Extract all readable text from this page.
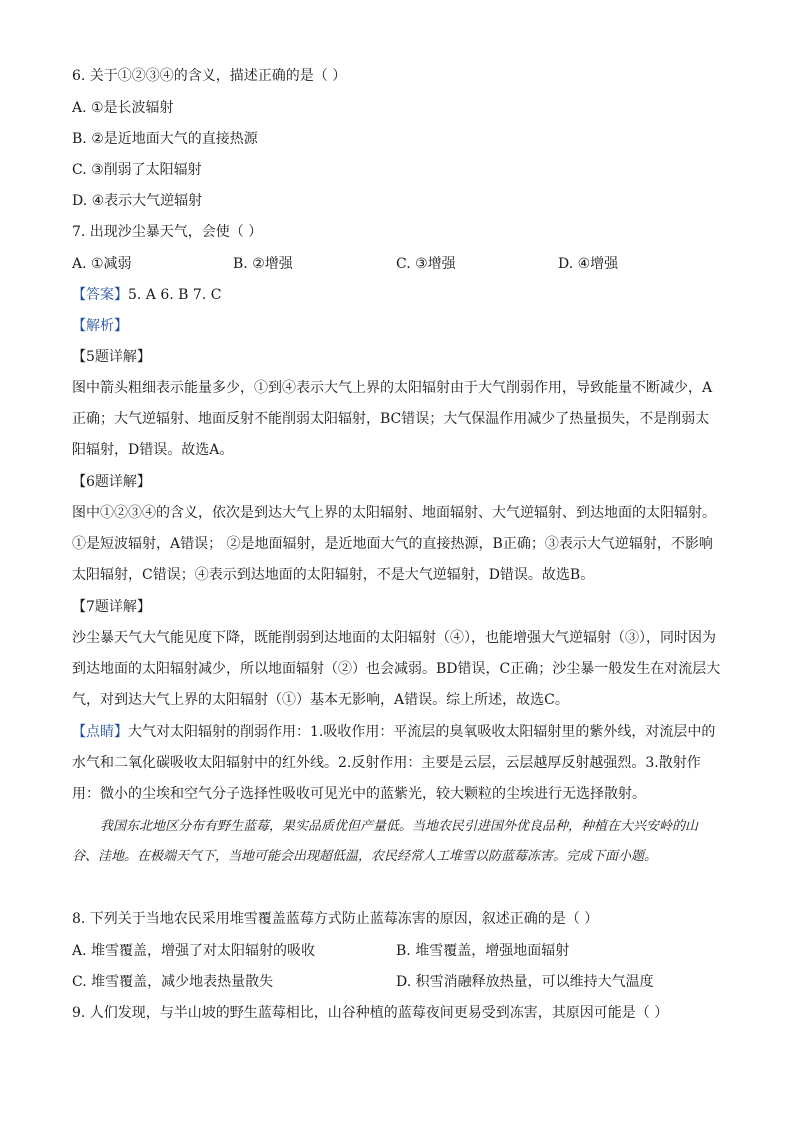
6. 关于①②③④的含义，描述正确的是（ ）
A. ①是长波辐射
B. ②是近地面大气的直接热源
C. ③削弱了太阳辐射
D. ④表示大气逆辐射
7. 出现沙尘暴天气，会使（ ）
A. ①减弱	B. ②增强	C. ③增强	D. ④增强
【答案】5. A 6. B 7. C
【解析】
【5题详解】
图中箭头粗细表示能量多少，①到④表示大气上界的太阳辐射由于大气削弱作用，导致能量不断减少，A正确；大气逆辐射、地面反射不能削弱太阳辐射，BC错误；大气保温作用减少了热量损失，不是削弱太阳辐射，D错误。故选A。
【6题详解】
图中①②③④的含义，依次是到达大气上界的太阳辐射、地面辐射、大气逆辐射、到达地面的太阳辐射。①是短波辐射，A错误； ②是地面辐射，是近地面大气的直接热源，B正确；③表示大气逆辐射，不影响太阳辐射，C错误；④表示到达地面的太阳辐射，不是大气逆辐射，D错误。故选B。
【7题详解】
沙尘暴天气大气能见度下降，既能削弱到达地面的太阳辐射（④），也能增强大气逆辐射（③），同时因为到达地面的太阳辐射减少，所以地面辐射（②）也会减弱。BD错误，C正确；沙尘暴一般发生在对流层大气，对到达大气上界的太阳辐射（①）基本无影响，A错误。综上所述，故选C。
【点睛】大气对太阳辐射的削弱作用：1.吸收作用：平流层的臭氧吸收太阳辐射里的紫外线，对流层中的水气和二氧化碳吸收太阳辐射中的红外线。2.反射作用：主要是云层，云层越厚反射越强烈。3.散射作用：微小的尘埃和空气分子选择性吸收可见光中的蓝紫光，较大颗粒的尘埃进行无选择散射。
我国东北地区分布有野生蓝莓，果实品质优但产量低。当地农民引进国外优良品种，种植在大兴安岭的山谷、洼地。在极端天气下，当地可能会出现超低温，农民经常人工堆雪以防蓝莓冻害。完成下面小题。
8. 下列关于当地农民采用堆雪覆盖蓝莓方式防止蓝莓冻害的原因，叙述正确的是（ ）
A. 堆雪覆盖，增强了对太阳辐射的吸收	B. 堆雪覆盖，增强地面辐射
C. 堆雪覆盖，减少地表热量散失	D. 积雪消融释放热量，可以维持大气温度
9. 人们发现，与半山坡的野生蓝莓相比，山谷种植的蓝莓夜间更易受到冻害，其原因可能是（ ）
